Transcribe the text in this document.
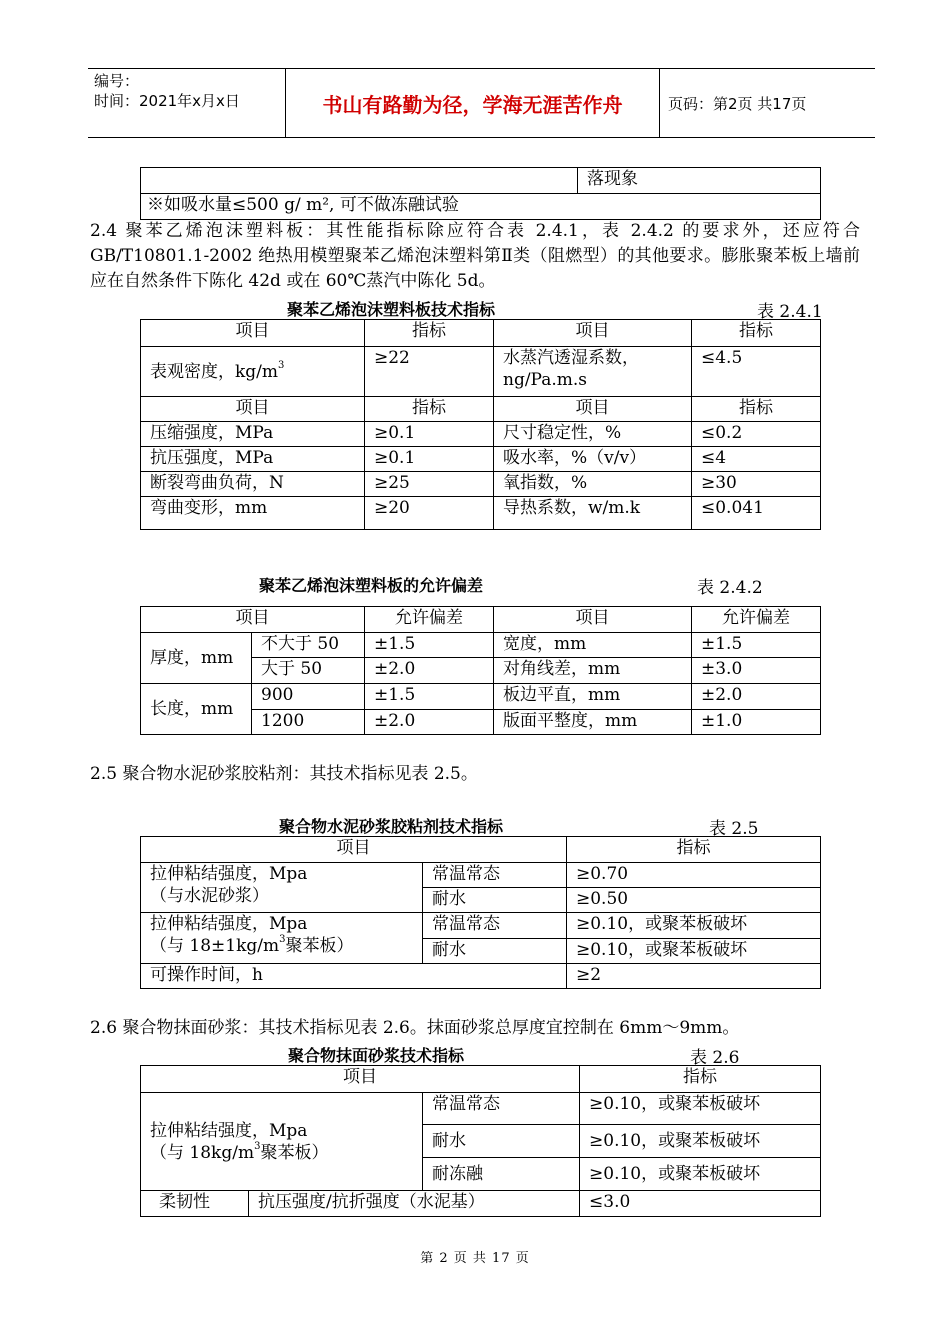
编号：
时间：2021年x月x日	书山有路勤为径，学海无涯苦作舟	页码：第2页 共17页
	落现象
※如吸水量≤500 g/ m², 可不做冻融试验
2.4 聚苯乙烯泡沫塑料板：其性能指标除应符合表 2.4.1，表 2.4.2 的要求外，还应符合 GB/T10801.1-2002 绝热用模塑聚苯乙烯泡沫塑料第Ⅱ类（阻燃型）的其他要求。膨胀聚苯板上墙前应在自然条件下陈化 42d 或在 60℃蒸汽中陈化 5d。
聚苯乙烯泡沫塑料板技术指标	表 2.4.1
项目	指标	项目	指标
表观密度，$kg/m^3$	≥22	水蒸汽透湿系数，
ng/Pa.m.s	≤4.5
项目	指标	项目	指标
压缩强度，MPa	≥0.1	尺寸稳定性，%	≤0.2
抗压强度，MPa	≥0.1	吸水率，%（v/v）	≤4
断裂弯曲负荷，N	≥25	氧指数，%	≥30
弯曲变形，mm	≥20	导热系数，w/m.k	≤0.041
聚苯乙烯泡沫塑料板的允许偏差	表 2.4.2
项目		允许偏差	项目	允许偏差
厚度，mm	不大于 50	±1.5	宽度，mm	±1.5
	大于 50	±2.0	对角线差，mm	±3.0
长度，mm	900	±1.5	板边平直，mm	±2.0
	1200	±2.0	版面平整度，mm	±1.0
2.5 聚合物水泥砂浆胶粘剂：其技术指标见表 2.5。
聚合物水泥砂浆胶粘剂技术指标	表 2.5
项目		指标

拉伸粘结强度，Mpa
（与水泥砂浆）	常温常态	≥0.70
	耐水	≥0.50

拉伸粘结强度，Mpa
（与 $18\pm 1kg/m^3$聚苯板）	常温常态	≥0.10，或聚苯板破坏
	耐水	≥0.10，或聚苯板破坏
可操作时间，h		≥2
2.6 聚合物抹面砂浆：其技术指标见表 2.6。抹面砂浆总厚度宜控制在 6mm～9mm。
聚合物抹面砂浆技术指标	表 2.6
项目			指标

拉伸粘结强度，Mpa
（与 $18kg/m^3$聚苯板）		常温常态	≥0.10，或聚苯板破坏
		耐水	≥0.10，或聚苯板破坏
		耐冻融	≥0.10，或聚苯板破坏
柔韧性	抗压强度/抗折强度（水泥基）		≤3.0
第 2 页 共 17 页
